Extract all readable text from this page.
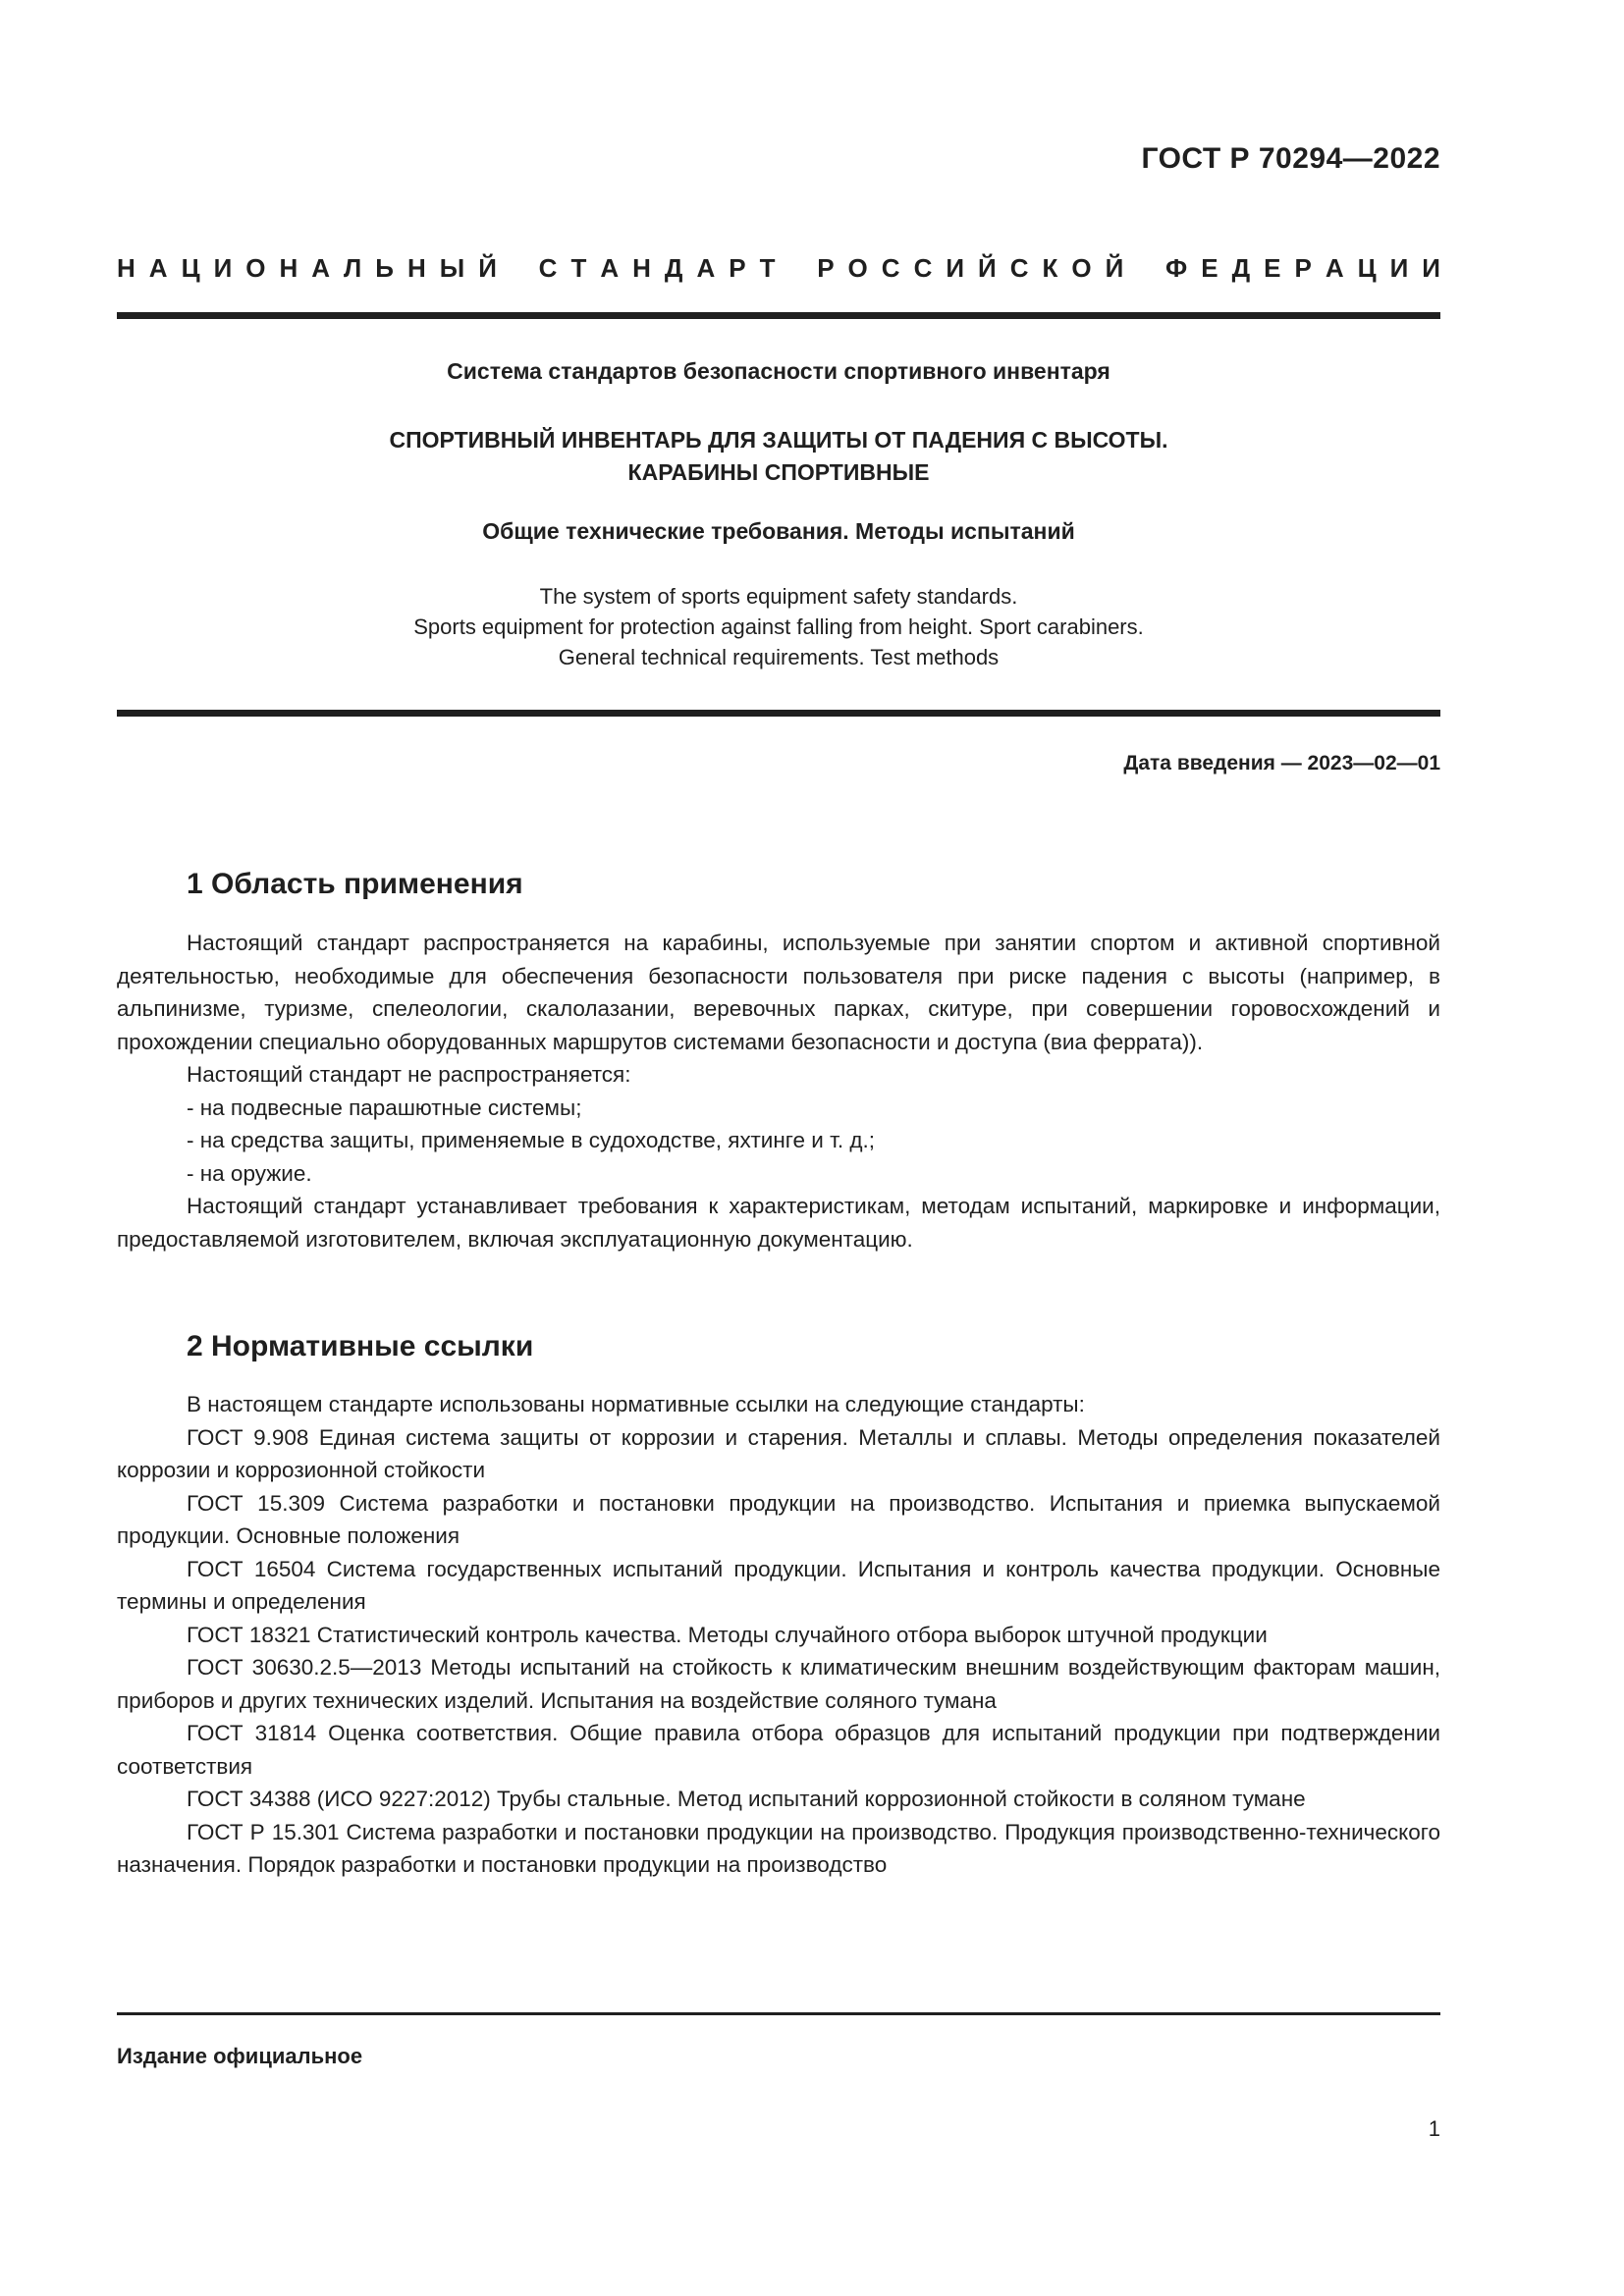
ГОСТ Р 70294—2022

Н А Ц И О Н А Л Ь Н Ы Й С Т А Н Д А Р Т Р О С С И Й С К О Й Ф Е Д Е Р А Ц И И

Система стандартов безопасности спортивного инвентаря

СПОРТИВНЫЙ ИНВЕНТАРЬ ДЛЯ ЗАЩИТЫ ОТ ПАДЕНИЯ С ВЫСОТЫ.
КАРАБИНЫ СПОРТИВНЫЕ

Общие технические требования. Методы испытаний

The system of sports equipment safety standards.
Sports equipment for protection against falling from height. Sport carabiners.
General technical requirements. Test methods

Дата введения — 2023—02—01

1 Область применения

Настоящий стандарт распространяется на карабины, используемые при занятии спортом и активной спортивной деятельностью, необходимые для обеспечения безопасности пользователя при риске падения с высоты (например, в альпинизме, туризме, спелеологии, скалолазании, веревочных парках, скитуре, при совершении горовосхождений и прохождении специально оборудованных маршрутов системами безопасности и доступа (виа феррата)).

Настоящий стандарт не распространяется:

- на подвесные парашютные системы;

- на средства защиты, применяемые в судоходстве, яхтинге и т. д.;

- на оружие.

Настоящий стандарт устанавливает требования к характеристикам, методам испытаний, маркировке и информации, предоставляемой изготовителем, включая эксплуатационную документацию.

2 Нормативные ссылки

В настоящем стандарте использованы нормативные ссылки на следующие стандарты:

ГОСТ 9.908 Единая система защиты от коррозии и старения. Металлы и сплавы. Методы определения показателей коррозии и коррозионной стойкости

ГОСТ 15.309 Система разработки и постановки продукции на производство. Испытания и приемка выпускаемой продукции. Основные положения

ГОСТ 16504 Система государственных испытаний продукции. Испытания и контроль качества продукции. Основные термины и определения

ГОСТ 18321 Статистический контроль качества. Методы случайного отбора выборок штучной продукции

ГОСТ 30630.2.5—2013 Методы испытаний на стойкость к климатическим внешним воздействующим факторам машин, приборов и других технических изделий. Испытания на воздействие соляного тумана

ГОСТ 31814 Оценка соответствия. Общие правила отбора образцов для испытаний продукции при подтверждении соответствия

ГОСТ 34388 (ИСО 9227:2012) Трубы стальные. Метод испытаний коррозионной стойкости в соляном тумане

ГОСТ Р 15.301 Система разработки и постановки продукции на производство. Продукция производственно-технического назначения. Порядок разработки и постановки продукции на производство

Издание официальное

1
